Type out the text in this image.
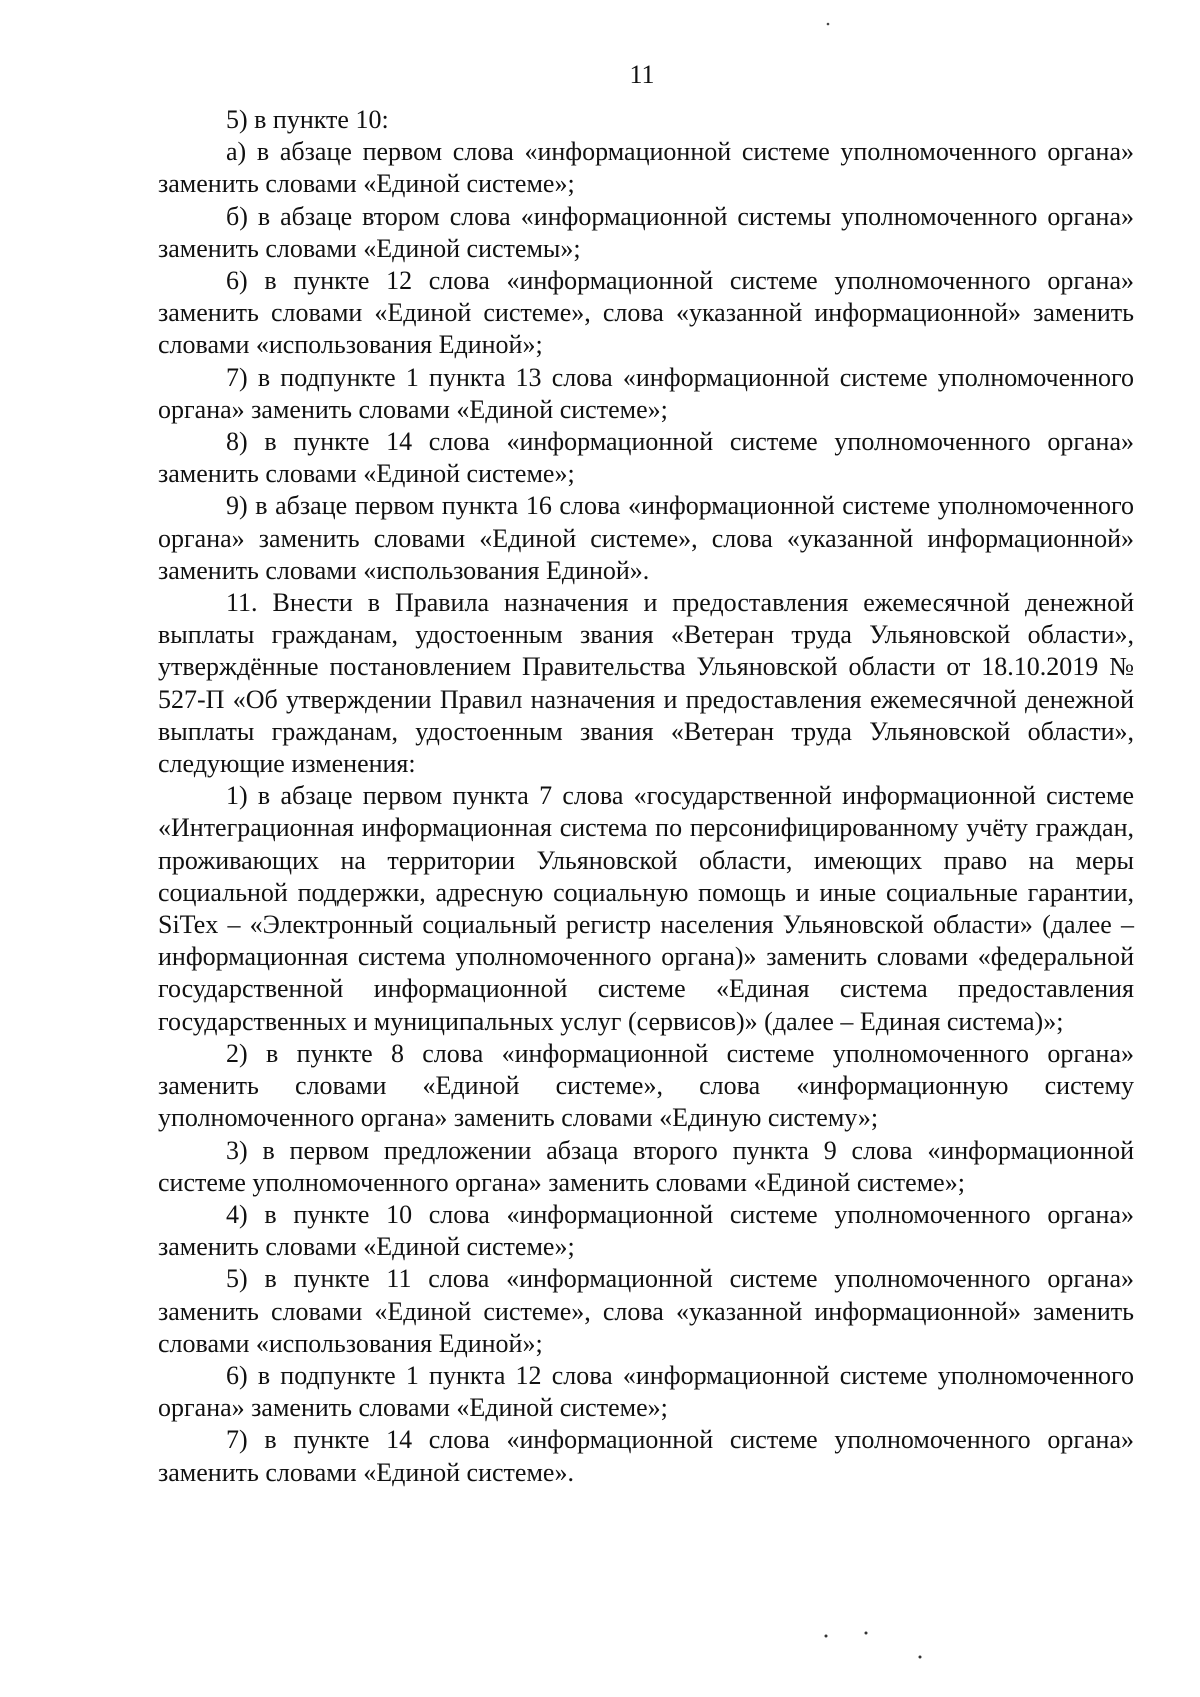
11

5) в пункте 10:

а) в абзаце первом слова «информационной системе уполномоченного органа» заменить словами «Единой системе»;

б) в абзаце втором слова «информационной системы уполномоченного органа» заменить словами «Единой системы»;

6) в пункте 12 слова «информационной системе уполномоченного органа» заменить словами «Единой системе», слова «указанной информационной» заменить словами «использования Единой»;

7) в подпункте 1 пункта 13 слова «информационной системе уполномоченного органа» заменить словами «Единой системе»;

8) в пункте 14 слова «информационной системе уполномоченного органа» заменить словами «Единой системе»;

9) в абзаце первом пункта 16 слова «информационной системе уполномоченного органа» заменить словами «Единой системе», слова «указанной информационной» заменить словами «использования Единой».

11. Внести в Правила назначения и предоставления ежемесячной денежной выплаты гражданам, удостоенным звания «Ветеран труда Ульяновской области», утверждённые постановлением Правительства Ульяновской области от 18.10.2019 № 527-П «Об утверждении Правил назначения и предоставления ежемесячной денежной выплаты гражданам, удостоенным звания «Ветеран труда Ульяновской области», следующие изменения:

1) в абзаце первом пункта 7 слова «государственной информационной системе «Интеграционная информационная система по персонифицированному учёту граждан, проживающих на территории Ульяновской области, имеющих право на меры социальной поддержки, адресную социальную помощь и иные социальные гарантии, SiTex – «Электронный социальный регистр населения Ульяновской области» (далее – информационная система уполномоченного органа)» заменить словами «федеральной государственной информационной системе «Единая система предоставления государственных и муниципальных услуг (сервисов)» (далее – Единая система)»;

2) в пункте 8 слова «информационной системе уполномоченного органа» заменить словами «Единой системе», слова «информационную систему уполномоченного органа» заменить словами «Единую систему»;

3) в первом предложении абзаца второго пункта 9 слова «информационной системе уполномоченного органа» заменить словами «Единой системе»;

4) в пункте 10 слова «информационной системе уполномоченного органа» заменить словами «Единой системе»;

5) в пункте 11 слова «информационной системе уполномоченного органа» заменить словами «Единой системе», слова «указанной информационной» заменить словами «использования Единой»;

6) в подпункте 1 пункта 12 слова «информационной системе уполномоченного органа» заменить словами «Единой системе»;

7) в пункте 14 слова «информационной системе уполномоченного органа» заменить словами «Единой системе».
